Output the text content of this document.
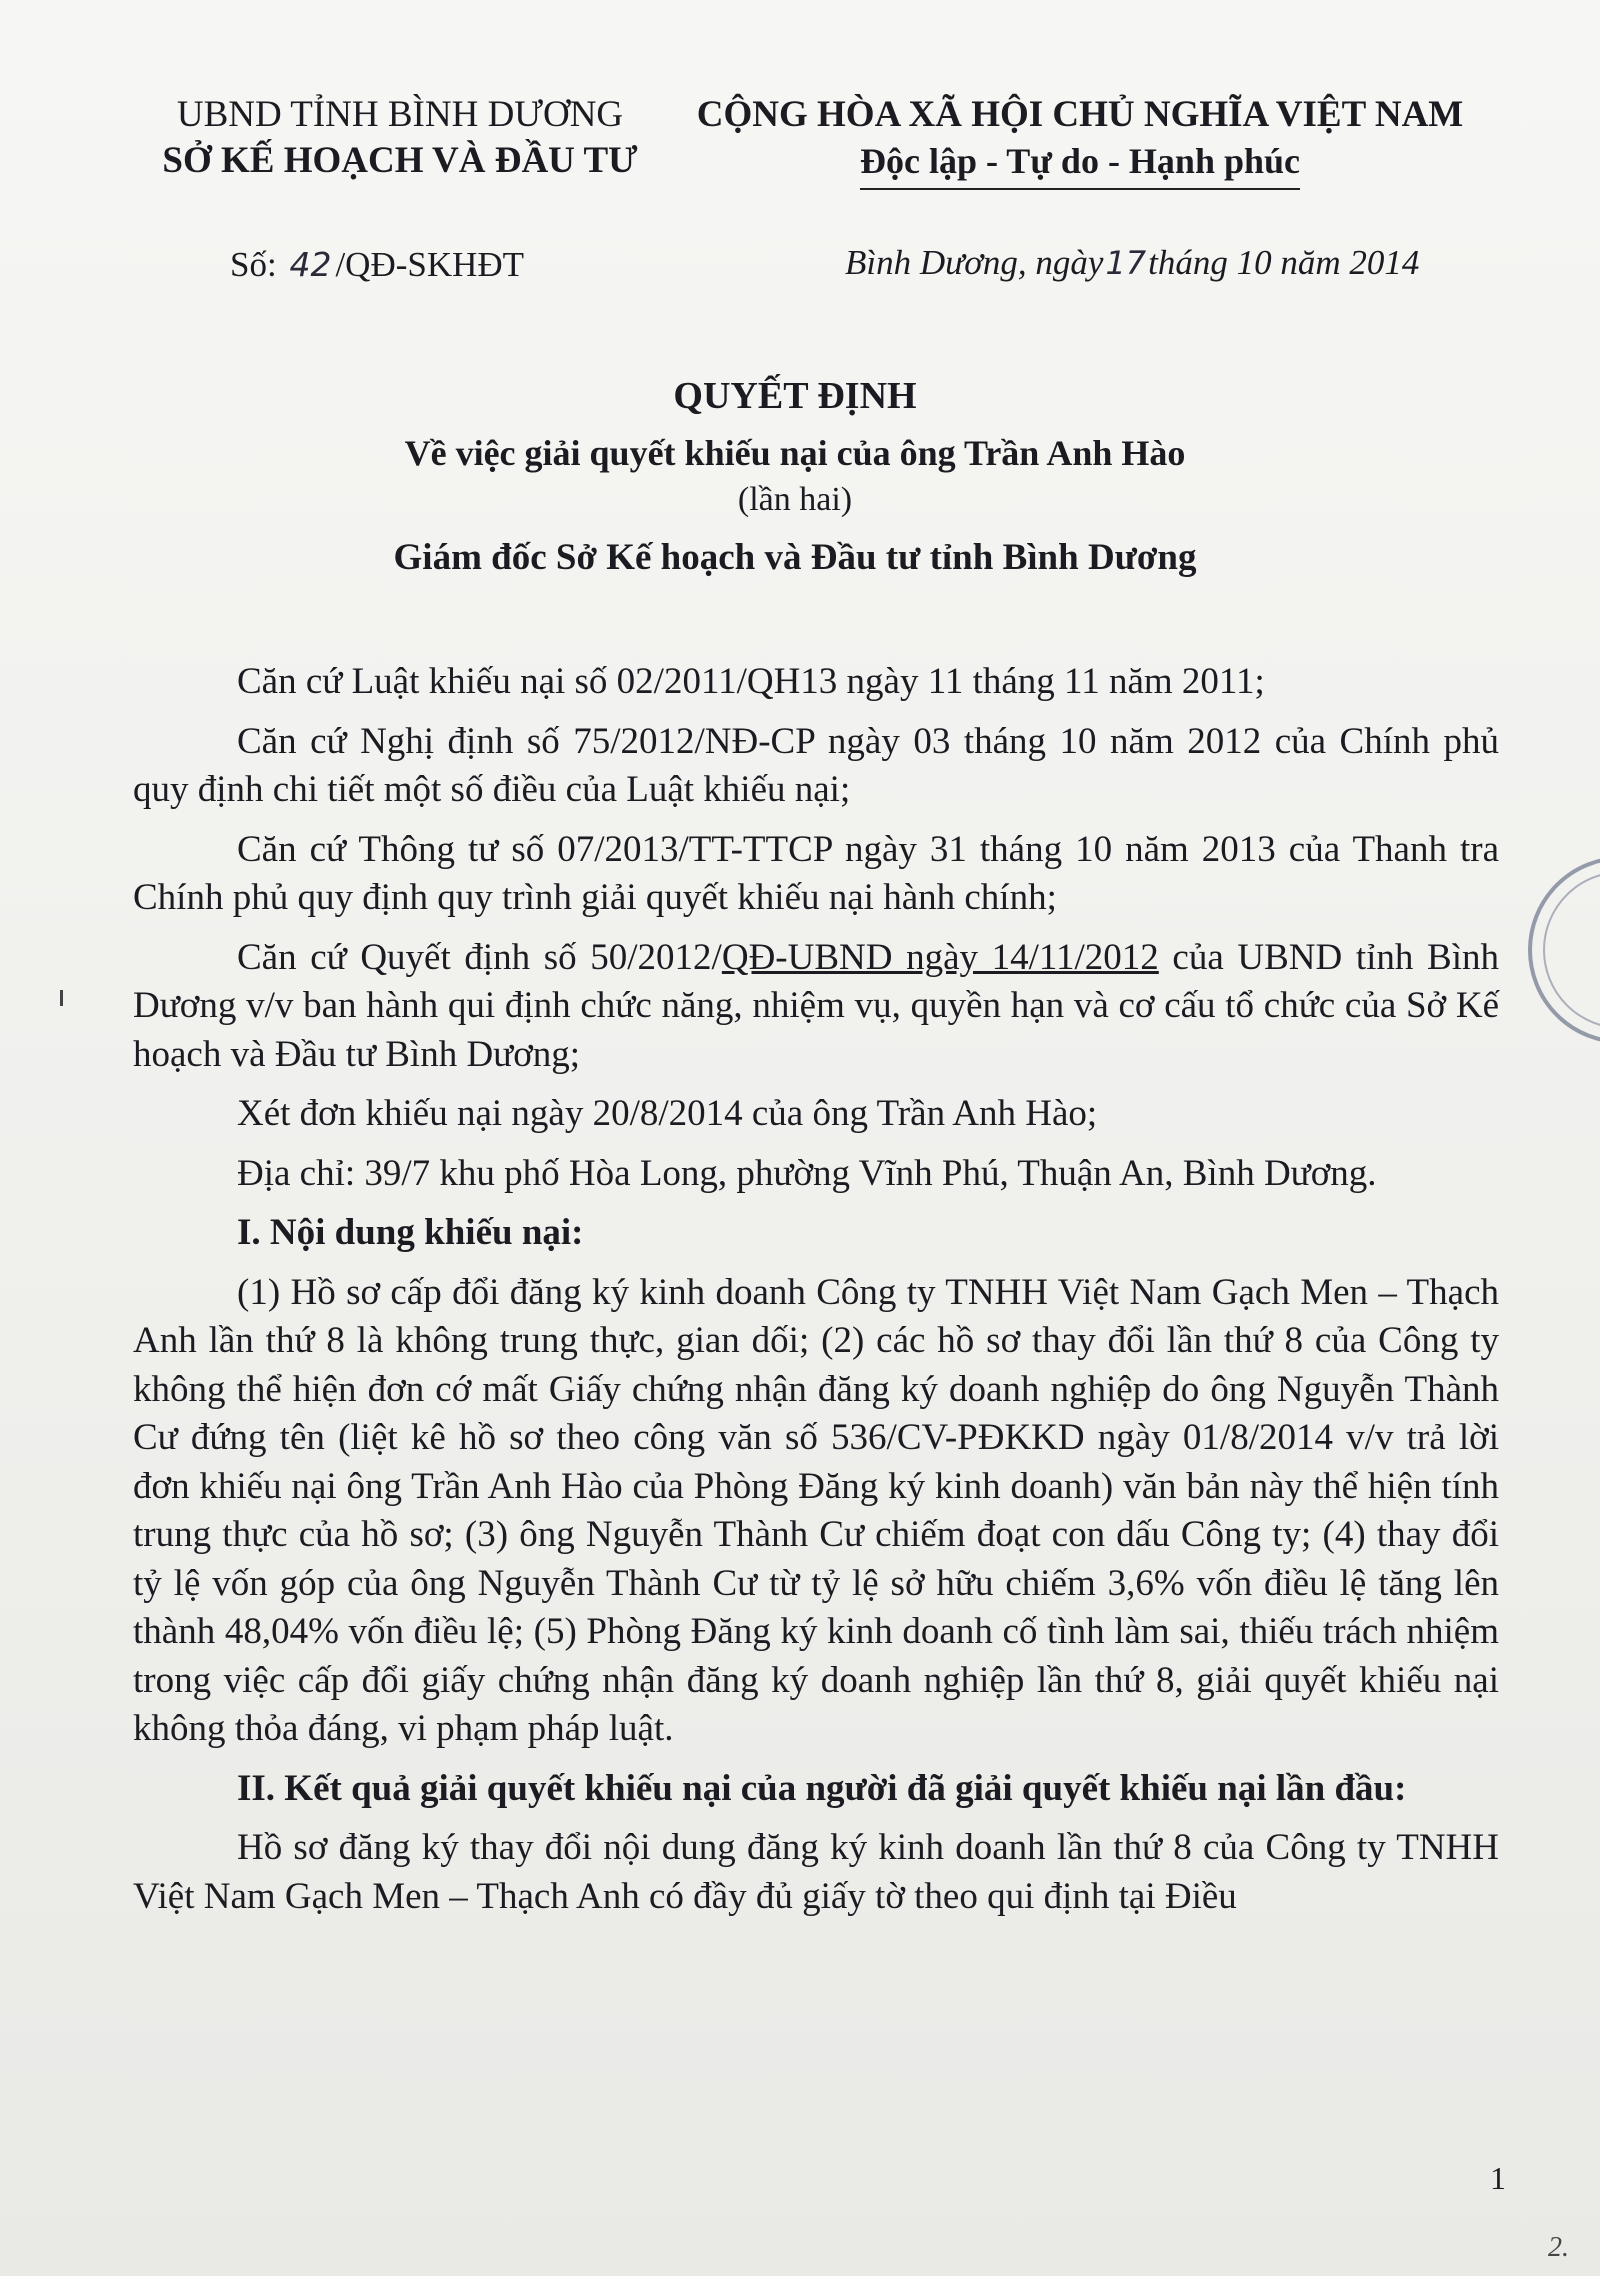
UBND TỈNH BÌNH DƯƠNG
SỞ KẾ HOẠCH VÀ ĐẦU TƯ
CỘNG HÒA XÃ HỘI CHỦ NGHĨA VIỆT NAM
Độc lập - Tự do - Hạnh phúc
Số: 42 /QĐ-SKHĐT	Bình Dương, ngày17tháng 10 năm 2014
QUYẾT ĐỊNH
Về việc giải quyết khiếu nại của ông Trần Anh Hào
(lần hai)
Giám đốc Sở Kế hoạch và Đầu tư tỉnh Bình Dương

Căn cứ Luật khiếu nại số 02/2011/QH13 ngày 11 tháng 11 năm 2011;

Căn cứ Nghị định số 75/2012/NĐ-CP ngày 03 tháng 10 năm 2012 của Chính phủ quy định chi tiết một số điều của Luật khiếu nại;

Căn cứ Thông tư số 07/2013/TT-TTCP ngày 31 tháng 10 năm 2013 của Thanh tra Chính phủ quy định quy trình giải quyết khiếu nại hành chính;

Căn cứ Quyết định số 50/2012/QĐ-UBND ngày 14/11/2012 của UBND tỉnh Bình Dương v/v ban hành qui định chức năng, nhiệm vụ, quyền hạn và cơ cấu tổ chức của Sở Kế hoạch và Đầu tư Bình Dương;

Xét đơn khiếu nại ngày 20/8/2014 của ông Trần Anh Hào;

Địa chỉ: 39/7 khu phố Hòa Long, phường Vĩnh Phú, Thuận An, Bình Dương.

I. Nội dung khiếu nại:

(1) Hồ sơ cấp đổi đăng ký kinh doanh Công ty TNHH Việt Nam Gạch Men – Thạch Anh lần thứ 8 là không trung thực, gian dối; (2) các hồ sơ thay đổi lần thứ 8 của Công ty không thể hiện đơn cớ mất Giấy chứng nhận đăng ký doanh nghiệp do ông Nguyễn Thành Cư đứng tên (liệt kê hồ sơ theo công văn số 536/CV-PĐKKD ngày 01/8/2014 v/v trả lời đơn khiếu nại ông Trần Anh Hào của Phòng Đăng ký kinh doanh) văn bản này thể hiện tính trung thực của hồ sơ; (3) ông Nguyễn Thành Cư chiếm đoạt con dấu Công ty; (4) thay đổi tỷ lệ vốn góp của ông Nguyễn Thành Cư từ tỷ lệ sở hữu chiếm 3,6% vốn điều lệ tăng lên thành 48,04% vốn điều lệ; (5) Phòng Đăng ký kinh doanh cố tình làm sai, thiếu trách nhiệm trong việc cấp đổi giấy chứng nhận đăng ký doanh nghiệp lần thứ 8, giải quyết khiếu nại không thỏa đáng, vi phạm pháp luật.

II. Kết quả giải quyết khiếu nại của người đã giải quyết khiếu nại lần đầu:

Hồ sơ đăng ký thay đổi nội dung đăng ký kinh doanh lần thứ 8 của Công ty TNHH Việt Nam Gạch Men – Thạch Anh có đầy đủ giấy tờ theo qui định tại Điều

1
2.
